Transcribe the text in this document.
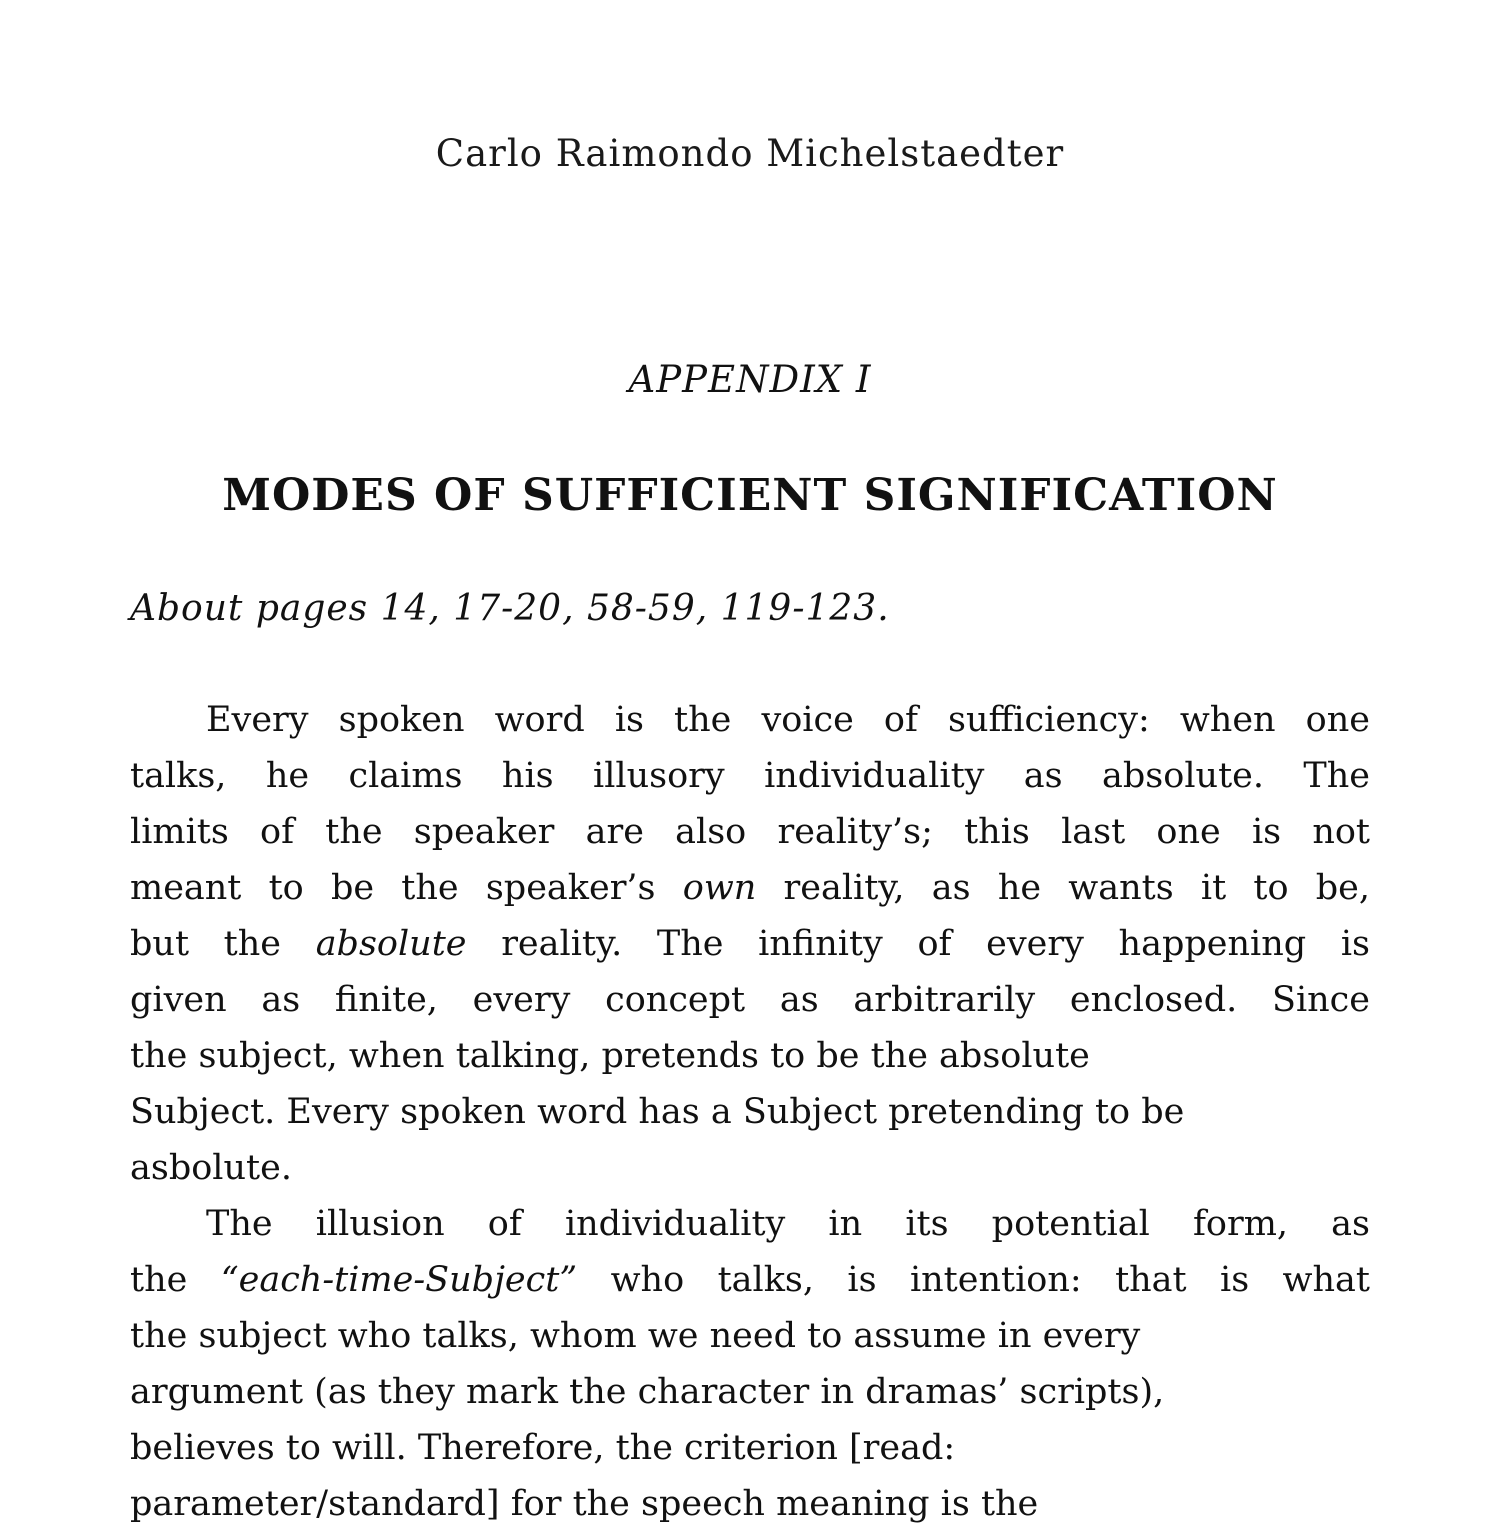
Carlo Raimondo Michelstaedter
APPENDIX I
MODES OF SUFFICIENT SIGNIFICATION
About pages 14, 17-20, 58-59, 119-123.
Every spoken word is the voice of sufficiency: when one
talks, he claims his illusory individuality as absolute. The
limits of the speaker are also reality’s; this last one is not
meant to be the speaker’s own reality, as he wants it to be,
but the absolute reality. The infinity of every happening is
given as finite, every concept as arbitrarily enclosed. Since
the subject, when talking, pretends to be the absolute
Subject. Every spoken word has a Subject pretending to be
asbolute.
The illusion of individuality in its potential form, as
the “each-time-Subject” who talks, is intention: that is what
the subject who talks, whom we need to assume in every
argument (as they mark the character in dramas’ scripts),
believes to will. Therefore, the criterion [read:
parameter/standard] for the speech meaning is the
